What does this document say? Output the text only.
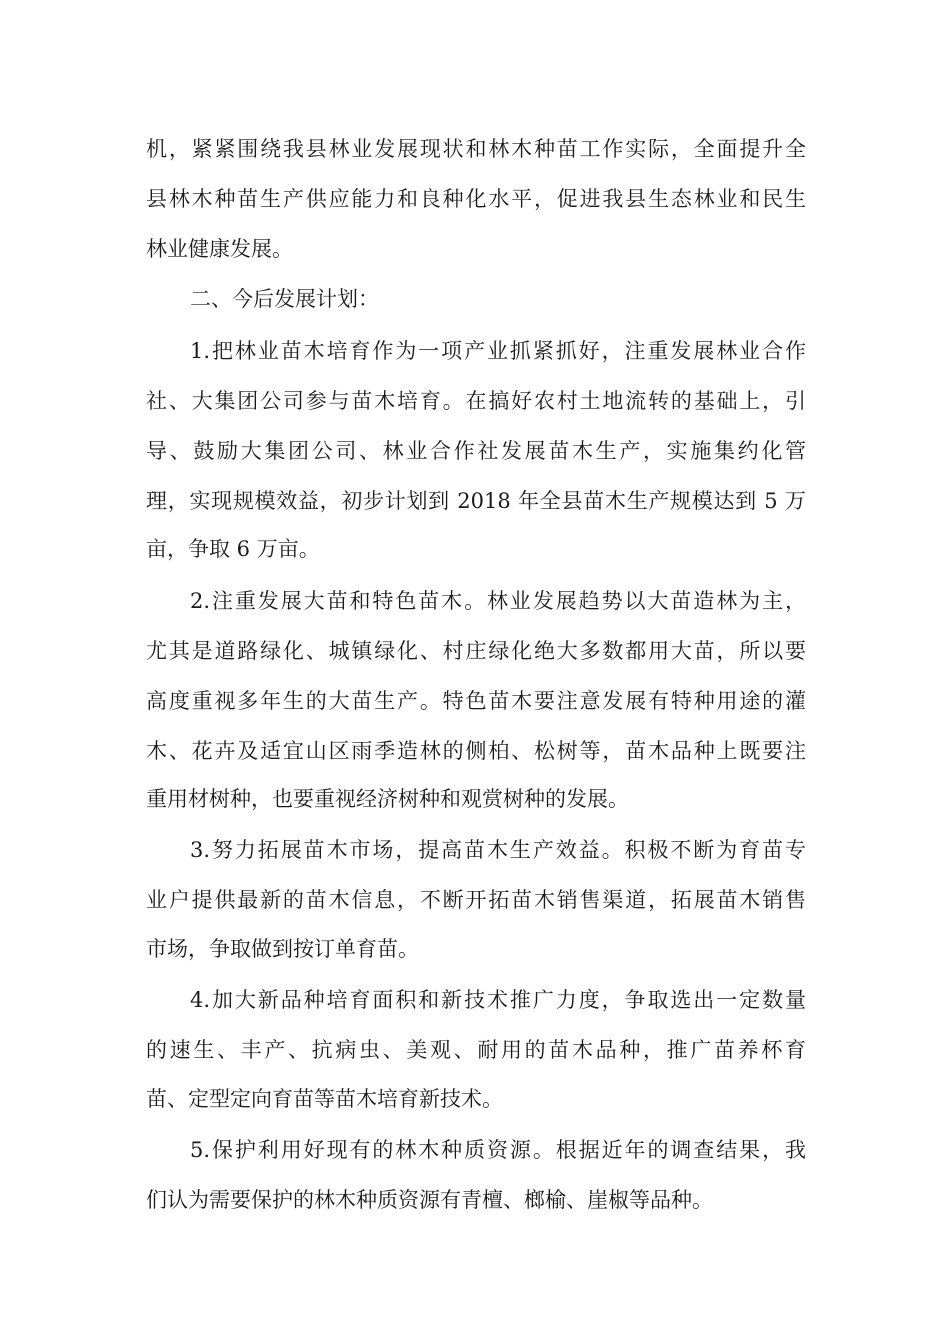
机，紧紧围绕我县林业发展现状和林木种苗工作实际，全面提升全
县林木种苗生产供应能力和良种化水平，促进我县生态林业和民生
林业健康发展。
二、今后发展计划：
1.把林业苗木培育作为一项产业抓紧抓好，注重发展林业合作
社、大集团公司参与苗木培育。在搞好农村土地流转的基础上，引
导、鼓励大集团公司、林业合作社发展苗木生产，实施集约化管
理，实现规模效益，初步计划到 2018 年全县苗木生产规模达到 5 万
亩，争取 6 万亩。
2.注重发展大苗和特色苗木。林业发展趋势以大苗造林为主，
尤其是道路绿化、城镇绿化、村庄绿化绝大多数都用大苗，所以要
高度重视多年生的大苗生产。特色苗木要注意发展有特种用途的灌
木、花卉及适宜山区雨季造林的侧柏、松树等，苗木品种上既要注
重用材树种，也要重视经济树种和观赏树种的发展。
3.努力拓展苗木市场，提高苗木生产效益。积极不断为育苗专
业户提供最新的苗木信息，不断开拓苗木销售渠道，拓展苗木销售
市场，争取做到按订单育苗。
4.加大新品种培育面积和新技术推广力度，争取选出一定数量
的速生、丰产、抗病虫、美观、耐用的苗木品种，推广苗养杯育
苗、定型定向育苗等苗木培育新技术。
5.保护利用好现有的林木种质资源。根据近年的调查结果，我
们认为需要保护的林木种质资源有青檀、榔榆、崖椒等品种。
